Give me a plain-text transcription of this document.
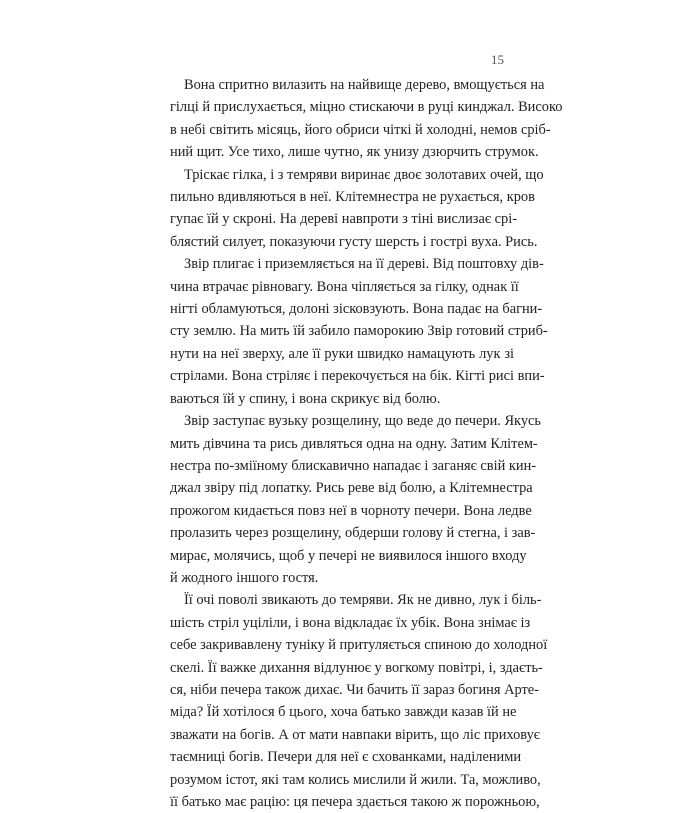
15
Вона спритно вилазить на найвище дерево, вмощується на
гілці й прислухається, міцно стискаючи в руці кинджал. Високо
в небі світить місяць, його обриси чіткі й холодні, немов сріб-
ний щит. Усе тихо, лише чутно, як унизу дзюрчить струмок.
Тріскає гілка, і з темряви виринає двоє золотавих очей, що
пильно вдивляються в неї. Клітемнестра не рухається, кров
гупає їй у скроні. На дереві навпроти з тіні вислизає срі-
блястий силует, показуючи густу шерсть і гострі вуха. Рись.
Звір плигає і приземляється на її дереві. Від поштовху дів-
чина втрачає рівновагу. Вона чіпляється за гілку, однак її
нігті обламуються, долоні зісковзують. Вона падає на багни-
сту землю. На мить їй забило паморокию Звір готовий стриб-
нути на неї зверху, але її руки швидко намацують лук зі
стрілами. Вона стріляє і перекочується на бік. Кігті рисі впи-
ваються їй у спину, і вона скрикує від болю.
Звір заступає вузьку розщелину, що веде до печери. Якусь
мить дівчина та рись дивляться одна на одну. Затим Клітем-
нестра по-зміїному блискавично нападає і заганяє свій кин-
джал звіру під лопатку. Рись реве від болю, а Клітемнестра
прожогом кидається повз неї в чорноту печери. Вона ледве
пролазить через розщелину, обдерши голову й стегна, і зав-
мирає, молячись, щоб у печері не виявилося іншого входу
й жодного іншого гостя.
Її очі поволі звикають до темряви. Як не дивно, лук і біль-
шість стріл уціліли, і вона відкладає їх убік. Вона знімає із
себе закривавлену туніку й притуляється спиною до холодної
скелі. Її важке дихання відлунює у вогкому повітрі, і, здаєть-
ся, ніби печера також дихає. Чи бачить її зараз богиня Арте-
міда? Їй хотілося б цього, хоча батько завжди казав їй не
зважати на богів. А от мати навпаки вірить, що ліс приховує
таємниці богів. Печери для неї є схованками, наділеними
розумом істот, які там колись мислили й жили. Та, можливо,
її батько має рацію: ця печера здається такою ж порожньою,
